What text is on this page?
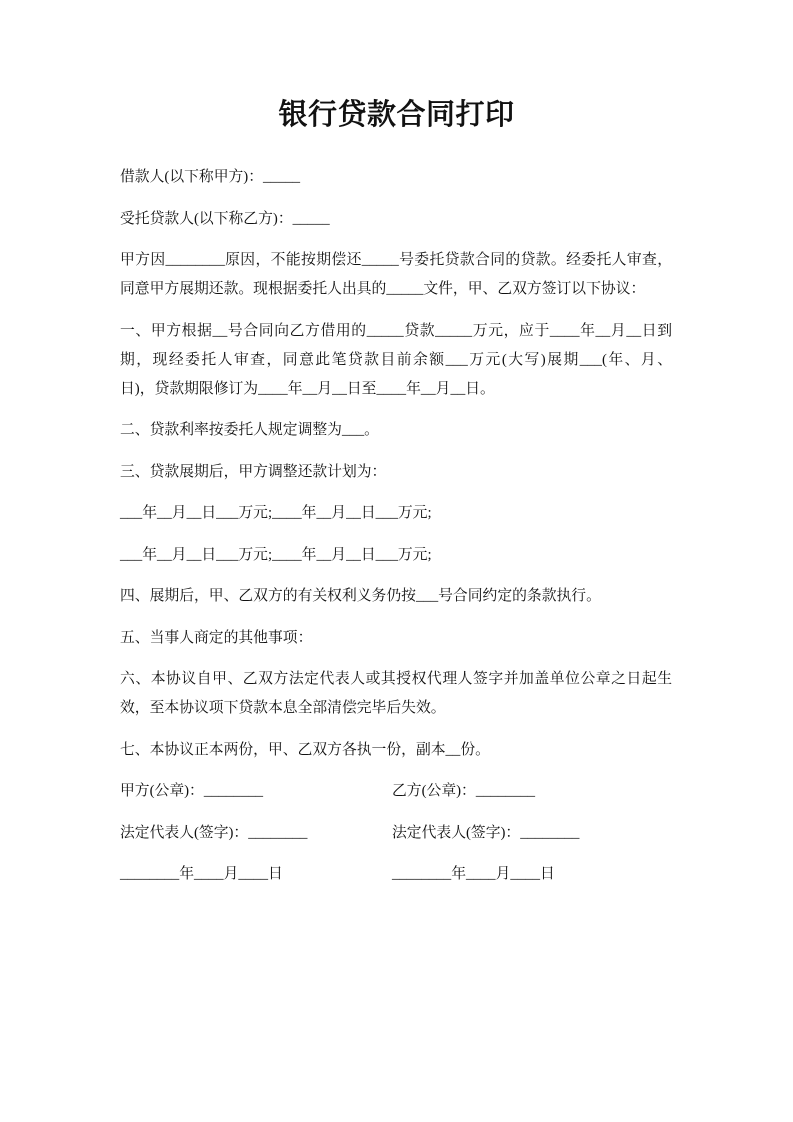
银行贷款合同打印
借款人(以下称甲方)：_____
受托贷款人(以下称乙方)：_____
甲方因________原因，不能按期偿还_____号委托贷款合同的贷款。经委托人审查，
同意甲方展期还款。现根据委托人出具的_____文件，甲、乙双方签订以下协议：
一、甲方根据__号合同向乙方借用的_____贷款_____万元，应于____年__月__日到
期，现经委托人审查，同意此笔贷款目前余额___万元(大写)展期___(年、月、
日)，贷款期限修订为____年__月__日至____年__月__日。
二、贷款利率按委托人规定调整为___。
三、贷款展期后，甲方调整还款计划为：
___年__月__日___万元;____年__月__日___万元;
___年__月__日___万元;____年__月__日___万元;
四、展期后，甲、乙双方的有关权利义务仍按___号合同约定的条款执行。
五、当事人商定的其他事项：
六、本协议自甲、乙双方法定代表人或其授权代理人签字并加盖单位公章之日起生
效，至本协议项下贷款本息全部清偿完毕后失效。
七、本协议正本两份，甲、乙双方各执一份，副本__份。
甲方(公章)：________	乙方(公章)：________
法定代表人(签字)：________	法定代表人(签字)：________
________年____月____日	________年____月____日
